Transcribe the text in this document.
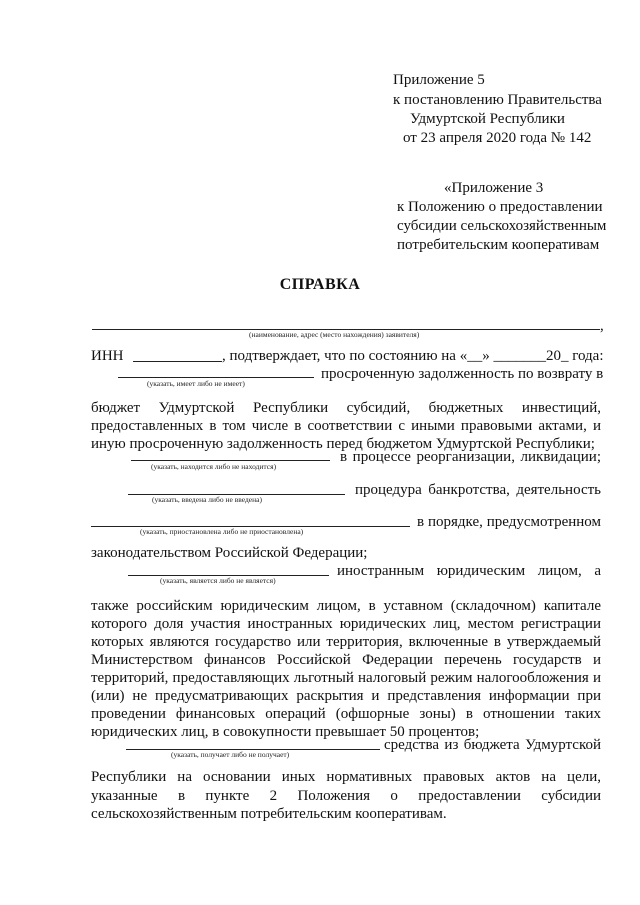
Приложение 5
к постановлению Правительства
Удмуртской Республики
от 23 апреля 2020 года № 142
«Приложение 3
к Положению о предоставлении
субсидии сельскохозяйственным
потребительским кооперативам
СПРАВКА
,
(наименование, адрес (место нахождения) заявителя)
ИНН	, подтверждает, что по состоянию на «__» _______20_ года:
(указать, имеет либо не имеет)
просроченную задолженность по возврату в
бюджет Удмуртской Республики субсидий, бюджетных инвестиций,
предоставленных в том числе в соответствии с иными правовыми актами, и
иную просроченную задолженность перед бюджетом Удмуртской Республики;
(указать, находится либо не находится)
в процессе реорганизации, ликвидации;
(указать, введена либо не введена)
процедура банкротства, деятельность
(указать, приостановлена либо не приостановлена)
в порядке, предусмотренном
законодательством Российской Федерации;
(указать, является либо не является)
иностранным юридическим лицом, а
также российским юридическим лицом, в уставном (складочном) капитале
которого доля участия иностранных юридических лиц, местом регистрации
которых являются государство или территория, включенные в утверждаемый
Министерством финансов Российской Федерации перечень государств и
территорий, предоставляющих льготный налоговый режим налогообложения и
(или) не предусматривающих раскрытия и представления информации при
проведении финансовых операций (офшорные зоны) в отношении таких
юридических лиц, в совокупности превышает 50 процентов;
(указать, получает либо не получает)
средства из бюджета Удмуртской
Республики на основании иных нормативных правовых актов на цели,
указанные в пункте 2 Положения о предоставлении субсидии
сельскохозяйственным потребительским кооперативам.
